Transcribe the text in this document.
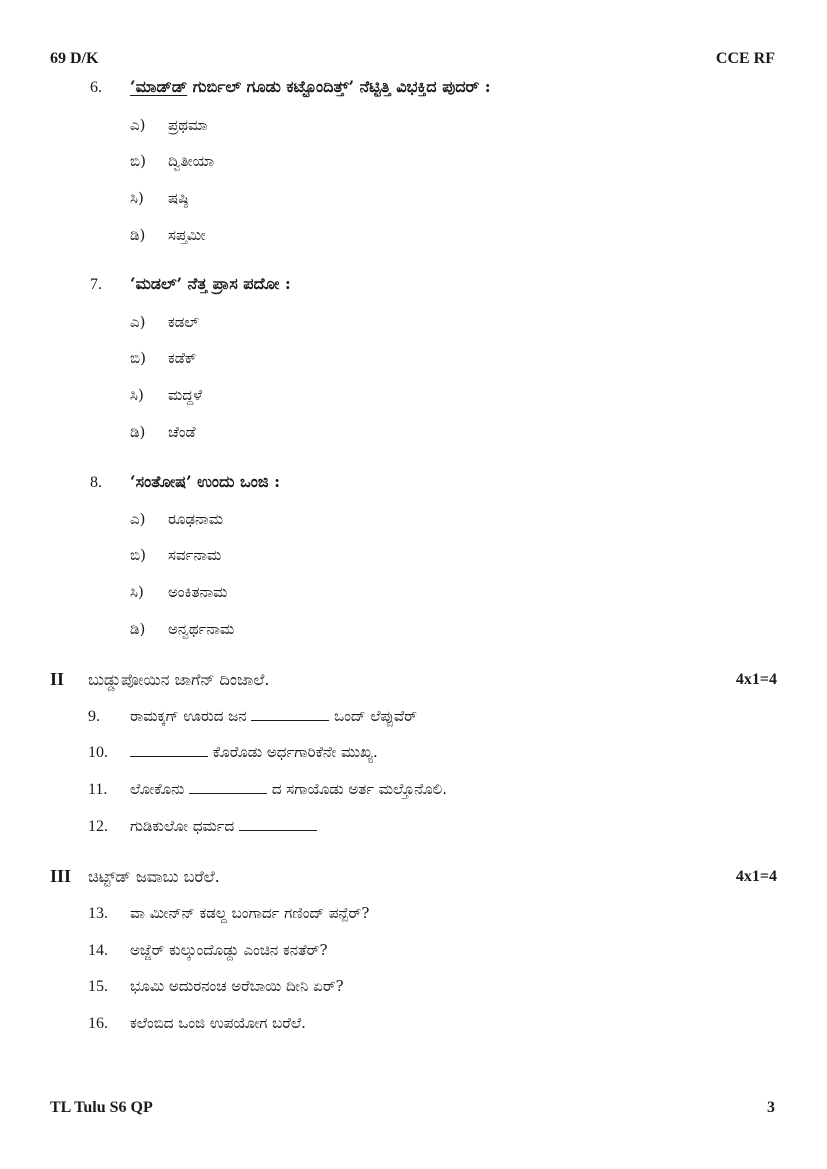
69 D/K	CCE RF
6. ‘ಮಾಡ್‌ಡ್ ಗುರ್ಬಿಲ್ ಗೂಡು ಕಟ್ಟೊಂದಿತ್ತ್’ ನೆಟ್ಟಿತ್ತಿ ವಿಭಕ್ತಿದ ಪುದರ್ :
ಎ) ಪ್ರಥಮಾ
ಬಿ) ದ್ವಿತೀಯಾ
ಸಿ) ಷಷ್ಠಿ
ಡಿ) ಸಪ್ತಮೀ
7. ‘ಮಡಲ್’ ನೆತ್ತ ಪ್ರಾಸ ಪದೋ :
ಎ) ಕಡಲ್
ಬಿ) ಕಡೆಕ್
ಸಿ) ಮದ್ದಳೆ
ಡಿ) ಚೆಂಡೆ
8. ‘ಸಂತೋಷ’ ಉಂದು ಒಂಜಿ :
ಎ) ರೂಢನಾಮ
ಬಿ) ಸರ್ವನಾಮ
ಸಿ) ಅಂಕಿತನಾಮ
ಡಿ) ಅನ್ವರ್ಥನಾಮ
II ಬುಡ್ಡುಪೋಯಿನ ಜಾಗೆನ್ ದಿಂಜಾಲೆ.	4x1=4
9. ರಾಮಕ್ಕಗ್ ಊರುದ ಜನ	ಒಂದ್ ಲೆಪ್ಪುವೆರ್
10.	ಕೊರೊಡು ಅರ್ಧಗಾರಿಕೆನೇ ಮುಖ್ಯ.
11. ಲೋಕೊನು	ದ ಸಗಾಯೊಡು ಅರ್ತ ಮಲ್ತೊನೊಲಿ.
12. ಗುಡಿಕುಲೋ ಧರ್ಮದ
III ಚಿಟ್ಟ್‌ಡ್ ಜವಾಬು ಬರೆಲೆ.	4x1=4
13. ವಾ ಮೀನ್‌ನ್ ಕಡಲ್ದ ಬಂಗಾರ್ದ ಗಣಿಂದ್ ಪನ್ಪೆರ್?
14. ಅಜ್ಜೆರ್ ಕುಲ್ಕುಂದೊಡ್ದು ಎಂಚಿನ ಕನತೆರ್?
15. ಭೂಮಿ ಅದುರನಂಚ ಅರೆಬಾಯಿ ದೀನಿ ಏರ್?
16. ಕಲೆಂಬಿದ ಒಂಜಿ ಉಪಯೋಗ ಬರೆಲೆ.
TL Tulu S6 QP	3
